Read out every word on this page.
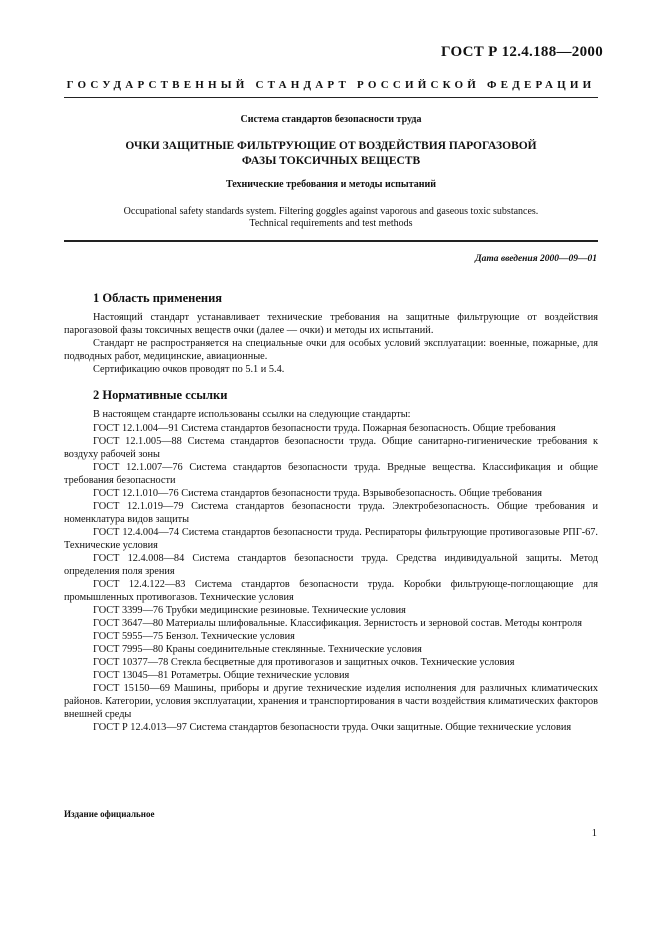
ГОСТ Р 12.4.188—2000
ГОСУДАРСТВЕННЫЙ СТАНДАРТ РОССИЙСКОЙ ФЕДЕРАЦИИ
Система стандартов безопасности труда
ОЧКИ ЗАЩИТНЫЕ ФИЛЬТРУЮЩИЕ ОТ ВОЗДЕЙСТВИЯ ПАРОГАЗОВОЙ
ФАЗЫ ТОКСИЧНЫХ ВЕЩЕСТВ
Технические требования и методы испытаний
Occupational safety standards system. Filtering goggles against vaporous and gaseous toxic substances.
Technical requirements and test methods
Дата введения 2000—09—01
1 Область применения

Настоящий стандарт устанавливает технические требования на защитные фильтрующие от воздействия парогазовой фазы токсичных веществ очки (далее — очки) и методы их испытаний.

Стандарт не распространяется на специальные очки для особых условий эксплуатации: военные, пожарные, для подводных работ, медицинские, авиационные.

Сертификацию очков проводят по 5.1 и 5.4.

2 Нормативные ссылки

В настоящем стандарте использованы ссылки на следующие стандарты:

ГОСТ 12.1.004—91 Система стандартов безопасности труда. Пожарная безопасность. Общие требования

ГОСТ 12.1.005—88 Система стандартов безопасности труда. Общие санитарно-гигиенические требования к воздуху рабочей зоны

ГОСТ 12.1.007—76 Система стандартов безопасности труда. Вредные вещества. Классификация и общие требования безопасности

ГОСТ 12.1.010—76 Система стандартов безопасности труда. Взрывобезопасность. Общие требования

ГОСТ 12.1.019—79 Система стандартов безопасности труда. Электробезопасность. Общие требования и номенклатура видов защиты

ГОСТ 12.4.004—74 Система стандартов безопасности труда. Респираторы фильтрующие противогазовые РПГ-67. Технические условия

ГОСТ 12.4.008—84 Система стандартов безопасности труда. Средства индивидуальной защиты. Метод определения поля зрения

ГОСТ 12.4.122—83 Система стандартов безопасности труда. Коробки фильтрующе-поглощающие для промышленных противогазов. Технические условия

ГОСТ 3399—76 Трубки медицинские резиновые. Технические условия

ГОСТ 3647—80 Материалы шлифовальные. Классификация. Зернистость и зерновой состав. Методы контроля

ГОСТ 5955—75 Бензол. Технические условия

ГОСТ 7995—80 Краны соединительные стеклянные. Технические условия

ГОСТ 10377—78 Стекла бесцветные для противогазов и защитных очков. Технические условия

ГОСТ 13045—81 Ротаметры. Общие технические условия

ГОСТ 15150—69 Машины, приборы и другие технические изделия исполнения для различных климатических районов. Категории, условия эксплуатации, хранения и транспортирования в части воздействия климатических факторов внешней среды

ГОСТ Р 12.4.013—97 Система стандартов безопасности труда. Очки защитные. Общие технические условия

Издание официальное
1
